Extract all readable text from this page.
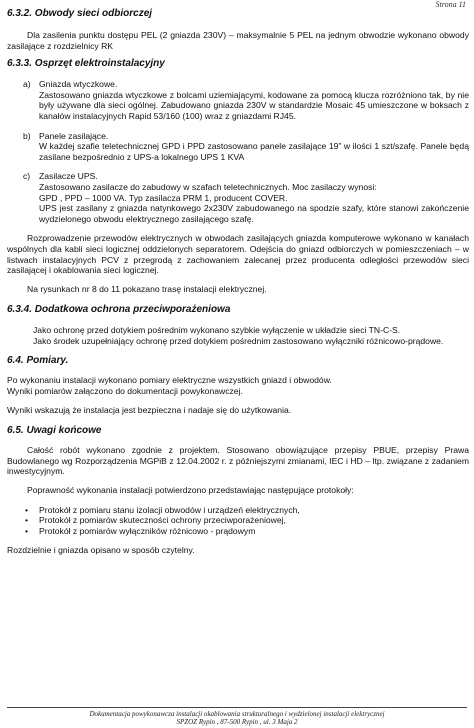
Strona 11
6.3.2. Obwody sieci odbiorczej

Dla zasilenia punktu dostępu PEL (2 gniazda 230V) – maksymalnie 5 PEL na jednym obwodzie wykonano obwody zasilające z rozdzielnicy RK

6.3.3. Osprzęt elektroinstalacyjny

a) Gniazda wtyczkowe.

Zastosowano gniazda wtyczkowe z bolcami uziemiającymi, kodowane za pomocą klucza rozróżniono tak, by nie były używane dla sieci ogólnej. Zabudowano gniazda 230V w standardzie Mosaic 45 umieszczone w boksach z kanałów instalacyjnych Rapid 53/160 (100) wraz z gniazdami RJ45.

b) Panele zasilające.

W każdej szafie teletechnicznej GPD i PPD zastosowano panele zasilające 19” w ilości 1 szt/szafę. Panele będą zasilane bezpośrednio z UPS-a lokalnego UPS 1 KVA

c) Zasilacze UPS.

Zastosowano zasilacze do zabudowy w szafach teletechnicznych. Moc zasilaczy wynosi:

GPD , PPD – 1000 VA. Typ zasilacza PRM 1, producent COVER.

UPS jest zasilany z gniazda natynkowego 2x230V zabudowanego na spodzie szafy, które stanowi zakończenie wydzielonego obwodu elektrycznego zasilającego szafę.

Rozprowadzenie przewodów elektrycznych w obwodach zasilających gniazda komputerowe wykonano w kanałach wspólnych dla kabli sieci logicznej oddzielonych separatorem. Odejścia do gniazd odbiorczych w pomieszczeniach – w listwach instalacyjnych PCV z przegrodą z zachowaniem zalecanej przez producenta odległości przewodów sieci zasilającej i okablowania sieci logicznej.

Na rysunkach nr 8 do 11 pokazano trasę instalacji elektrycznej.

6.3.4. Dodatkowa ochrona przeciwporażeniowa

Jako ochronę przed dotykiem pośrednim wykonano szybkie wyłączenie w układzie sieci TN-C-S.

Jako środek uzupełniający ochronę przed dotykiem pośrednim zastosowano wyłączniki różnicowo-prądowe.

6.4. Pomiary.

Po wykonaniu instalacji wykonano pomiary elektryczne wszystkich gniazd i obwodów.

Wyniki pomiarów załączono do dokumentacji powykonawczej.

Wyniki wskazują że instalacja jest bezpieczna i nadaje się do użytkowania.

6.5. Uwagi końcowe

Całość robót wykonano zgodnie z projektem. Stosowano obowiązujące przepisy PBUE, przepisy Prawa Budowlanego wg Rozporządzenia MGPiB z 12.04.2002 r. z późniejszymi zmianami, IEC i HD – ltp. związane z zadaniem inwestycyjnym.

Poprawność wykonania instalacji potwierdzono przedstawiając następujące protokoły:

• Protokół z pomiaru stanu izolacji obwodów i urządzeń elektrycznych,
• Protokół z pomiarów skuteczności ochrony przeciwporażeniowej,
• Protokół z pomiarów wyłączników różnicowo - prądowym

Rozdzielnie i gniazda opisano w sposób czytelny.

Dokumentacja powykonawcza instalacji okablowania strukturalnego i wydzielonej instalacji elektrycznej
SPZOZ Rypin , 87-500 Rypin , ul. 3 Maja 2
